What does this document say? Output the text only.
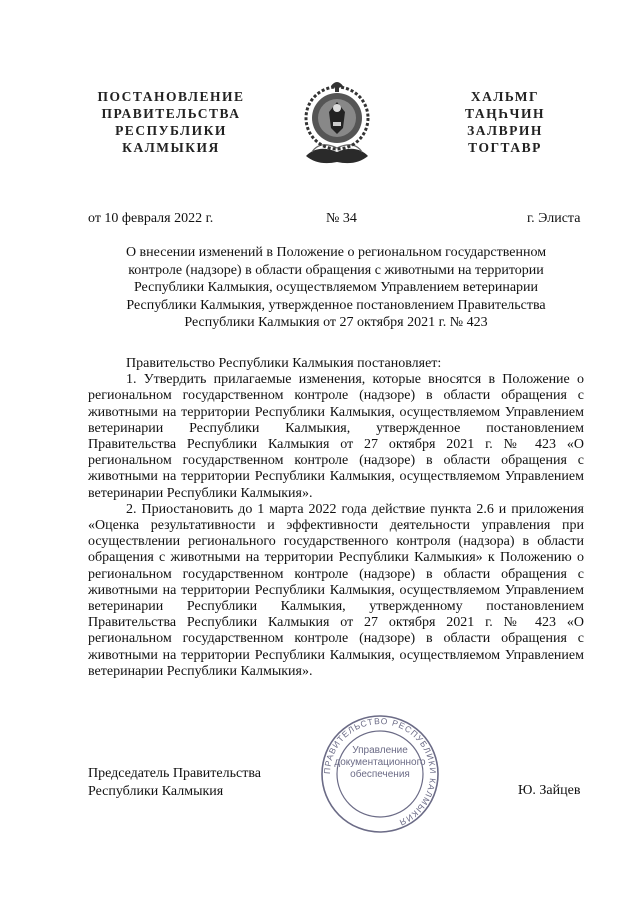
ПОСТАНОВЛЕНИЕ
ПРАВИТЕЛЬСТВА
РЕСПУБЛИКИ
КАЛМЫКИЯ
ХАЛЬМГ
ТАҢҺЧИН
ЗАЛВРИН
ТОГТАВР
от 10 февраля 2022 г.	№ 34	г. Элиста
О внесении изменений в Положение о региональном государственном контроле (надзоре) в области обращения с животными на территории Республики Калмыкия, осуществляемом Управлением ветеринарии Республики Калмыкия, утвержденное постановлением Правительства Республики Калмыкия от 27 октября 2021 г. № 423

Правительство Республики Калмыкия постановляет:

1. Утвердить прилагаемые изменения, которые вносятся в Положение о региональном государственном контроле (надзоре) в области обращения с животными на территории Республики Калмыкия, осуществляемом Управлением ветеринарии Республики Калмыкия, утвержденное постановлением Правительства Республики Калмыкия от 27 октября 2021 г. № 423 «О региональном государственном контроле (надзоре) в области обращения с животными на территории Республики Калмыкия, осуществляемом Управлением ветеринарии Республики Калмыкия».

2. Приостановить до 1 марта 2022 года действие пункта 2.6 и приложения «Оценка результативности и эффективности деятельности управления при осуществлении регионального государственного контроля (надзора) в области обращения с животными на территории Республики Калмыкия» к Положению о региональном государственном контроле (надзоре) в области обращения с животными на территории Республики Калмыкия, осуществляемом Управлением ветеринарии Республики Калмыкия, утвержденному постановлением Правительства Республики Калмыкия от 27 октября 2021 г. № 423 «О региональном государственном контроле (надзоре) в области обращения с животными на территории Республики Калмыкия, осуществляемом Управлением ветеринарии Республики Калмыкия».

Председатель Правительства
Республики Калмыкия	Ю. Зайцев
ПРАВИТЕЛЬСТВО РЕСПУБЛИКИ КАЛМЫКИЯ
Управление
документационного
обеспечения
